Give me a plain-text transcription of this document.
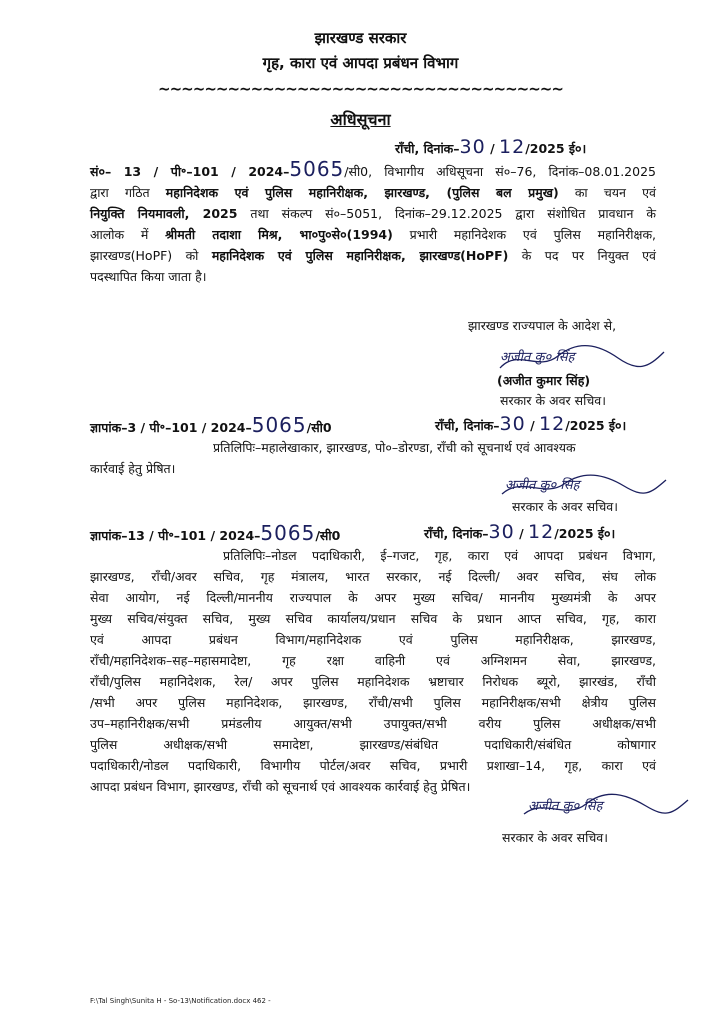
झारखण्ड सरकार
गृह, कारा एवं आपदा प्रबंधन विभाग
~~~~~~~~~~~~~~~~~~~~~~~~~~~~~~~~~~~
अधिसूचना
राँची, दिनांक–30 / 12/2025 ई०।
सं०– 13 / पी॰–101 / 2024–5065/सी0, विभागीय अधिसूचना सं०–76, दिनांक–08.01.2025
द्वारा गठित महानिदेशक एवं पुलिस महानिरीक्षक, झारखण्ड, (पुलिस बल प्रमुख) का चयन एवं
नियुक्ति नियमावली, 2025 तथा संकल्प सं०–5051, दिनांक–29.12.2025 द्वारा संशोधित प्रावधान के
आलोक में श्रीमती तदाशा मिश्र, भा०पु०से०(1994) प्रभारी महानिदेशक एवं पुलिस महानिरीक्षक,
झारखण्ड(HoPF) को महानिदेशक एवं पुलिस महानिरीक्षक, झारखण्ड(HoPF) के पद पर नियुक्त एवं
पदस्थापित किया जाता है।
झारखण्ड राज्यपाल के आदेश से,
अजीत कु० सिंह
(अजीत कुमार सिंह)
सरकार के अवर सचिव।
ज्ञापांक–3 / पी॰–101 / 2024–5065/सी0	राँची, दिनांक–30 / 12/2025 ई०।
प्रतिलिपिः–महालेखाकार, झारखण्ड, पो०–डोरण्डा, राँची को सूचनार्थ एवं आवश्यक
कार्रवाई हेतु प्रेषित।
अजीत कु० सिंह
सरकार के अवर सचिव।
ज्ञापांक–13 / पी॰–101 / 2024–5065/सी0	राँची, दिनांक–30 / 12/2025 ई०।
प्रतिलिपिः–नोडल पदाधिकारी, ई–गजट, गृह, कारा एवं आपदा प्रबंधन विभाग,
झारखण्ड, राँची/अवर सचिव, गृह मंत्रालय, भारत सरकार, नई दिल्ली/ अवर सचिव, संघ लोक
सेवा आयोग, नई दिल्ली/माननीय राज्यपाल के अपर मुख्य सचिव/ माननीय मुख्यमंत्री के अपर
मुख्य सचिव/संयुक्त सचिव, मुख्य सचिव कार्यालय/प्रधान सचिव के प्रधान आप्त सचिव, गृह, कारा
एवं आपदा प्रबंधन विभाग/महानिदेशक एवं पुलिस महानिरीक्षक, झारखण्ड,
राँची/महानिदेशक–सह–महासमादेष्टा, गृह रक्षा वाहिनी एवं अग्निशमन सेवा, झारखण्ड,
राँची/पुलिस महानिदेशक, रेल/ अपर पुलिस महानिदेशक भ्रष्टाचार निरोधक ब्यूरो, झारखंड, राँची
/सभी अपर पुलिस महानिदेशक, झारखण्ड, राँची/सभी पुलिस महानिरीक्षक/सभी क्षेत्रीय पुलिस
उप–महानिरीक्षक/सभी प्रमंडलीय आयुक्त/सभी उपायुक्त/सभी वरीय पुलिस अधीक्षक/सभी
पुलिस अधीक्षक/सभी समादेष्टा, झारखण्ड/संबंधित पदाधिकारी/संबंधित कोषागार
पदाधिकारी/नोडल पदाधिकारी, विभागीय पोर्टल/अवर सचिव, प्रभारी प्रशाखा–14, गृह, कारा एवं
आपदा प्रबंधन विभाग, झारखण्ड, राँची को सूचनार्थ एवं आवश्यक कार्रवाई हेतु प्रेषित।
अजीत कु० सिंह
सरकार के अवर सचिव।
F:\Tal Singh\Sunita H - So-13\Notification.docx 462 -
